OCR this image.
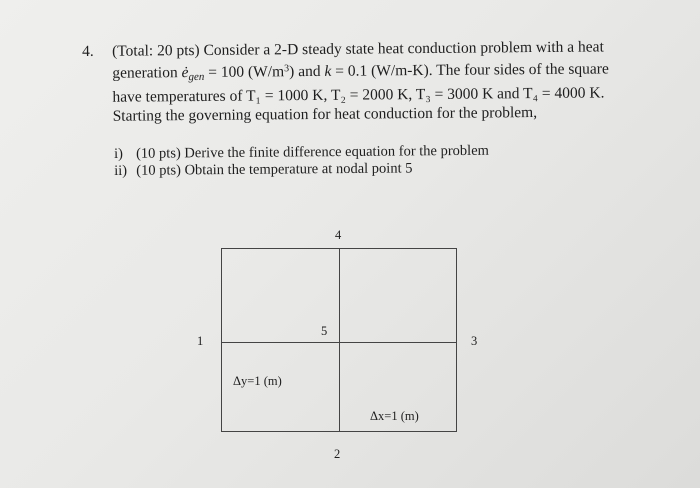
4. (Total: 20 pts) Consider a 2-D steady state heat conduction problem with a heat
generation $ė_{gen} = 100$ $(W/m^3)$ and k = 0.1 (W/m-K). The four sides of the square
have temperatures of T₁ = 1000 K, T₂ = 2000 K, T₃ = 3000 K and T₄ = 4000 K.
Starting the governing equation for heat conduction for the problem,
i) (10 pts) Derive the finite difference equation for the problem
ii) (10 pts) Obtain the temperature at nodal point 5
4
1
5
3
Δy=1 (m)
Δx=1 (m)
2
